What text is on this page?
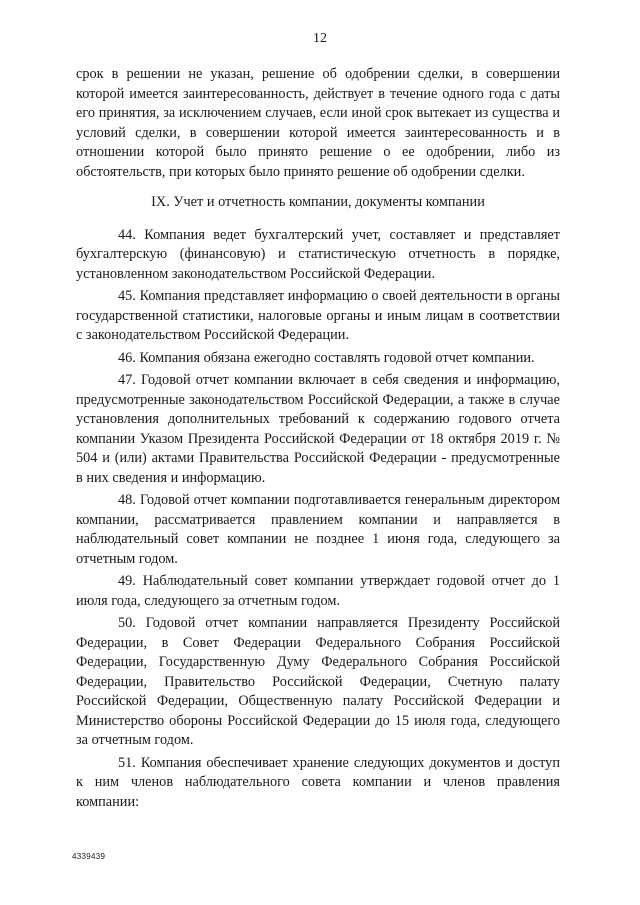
12

срок в решении не указан, решение об одобрении сделки, в совершении которой имеется заинтересованность, действует в течение одного года с даты его принятия, за исключением случаев, если иной срок вытекает из существа и условий сделки, в совершении которой имеется заинтересованность и в отношении которой было принято решение о ее одобрении, либо из обстоятельств, при которых было принято решение об одобрении сделки.

IX. Учет и отчетность компании, документы компании

44. Компания ведет бухгалтерский учет, составляет и представляет бухгалтерскую (финансовую) и статистическую отчетность в порядке, установленном законодательством Российской Федерации.

45. Компания представляет информацию о своей деятельности в органы государственной статистики, налоговые органы и иным лицам в соответствии с законодательством Российской Федерации.

46. Компания обязана ежегодно составлять годовой отчет компании.

47. Годовой отчет компании включает в себя сведения и информацию, предусмотренные законодательством Российской Федерации, а также в случае установления дополнительных требований к содержанию годового отчета компании Указом Президента Российской Федерации от 18 октября 2019 г. № 504 и (или) актами Правительства Российской Федерации - предусмотренные в них сведения и информацию.

48. Годовой отчет компании подготавливается генеральным директором компании, рассматривается правлением компании и направляется в наблюдательный совет компании не позднее 1 июня года, следующего за отчетным годом.

49. Наблюдательный совет компании утверждает годовой отчет до 1 июля года, следующего за отчетным годом.

50. Годовой отчет компании направляется Президенту Российской Федерации, в Совет Федерации Федерального Собрания Российской Федерации, Государственную Думу Федерального Собрания Российской Федерации, Правительство Российской Федерации, Счетную палату Российской Федерации, Общественную палату Российской Федерации и Министерство обороны Российской Федерации до 15 июля года, следующего за отчетным годом.

51. Компания обеспечивает хранение следующих документов и доступ к ним членов наблюдательного совета компании и членов правления компании:

4339439
